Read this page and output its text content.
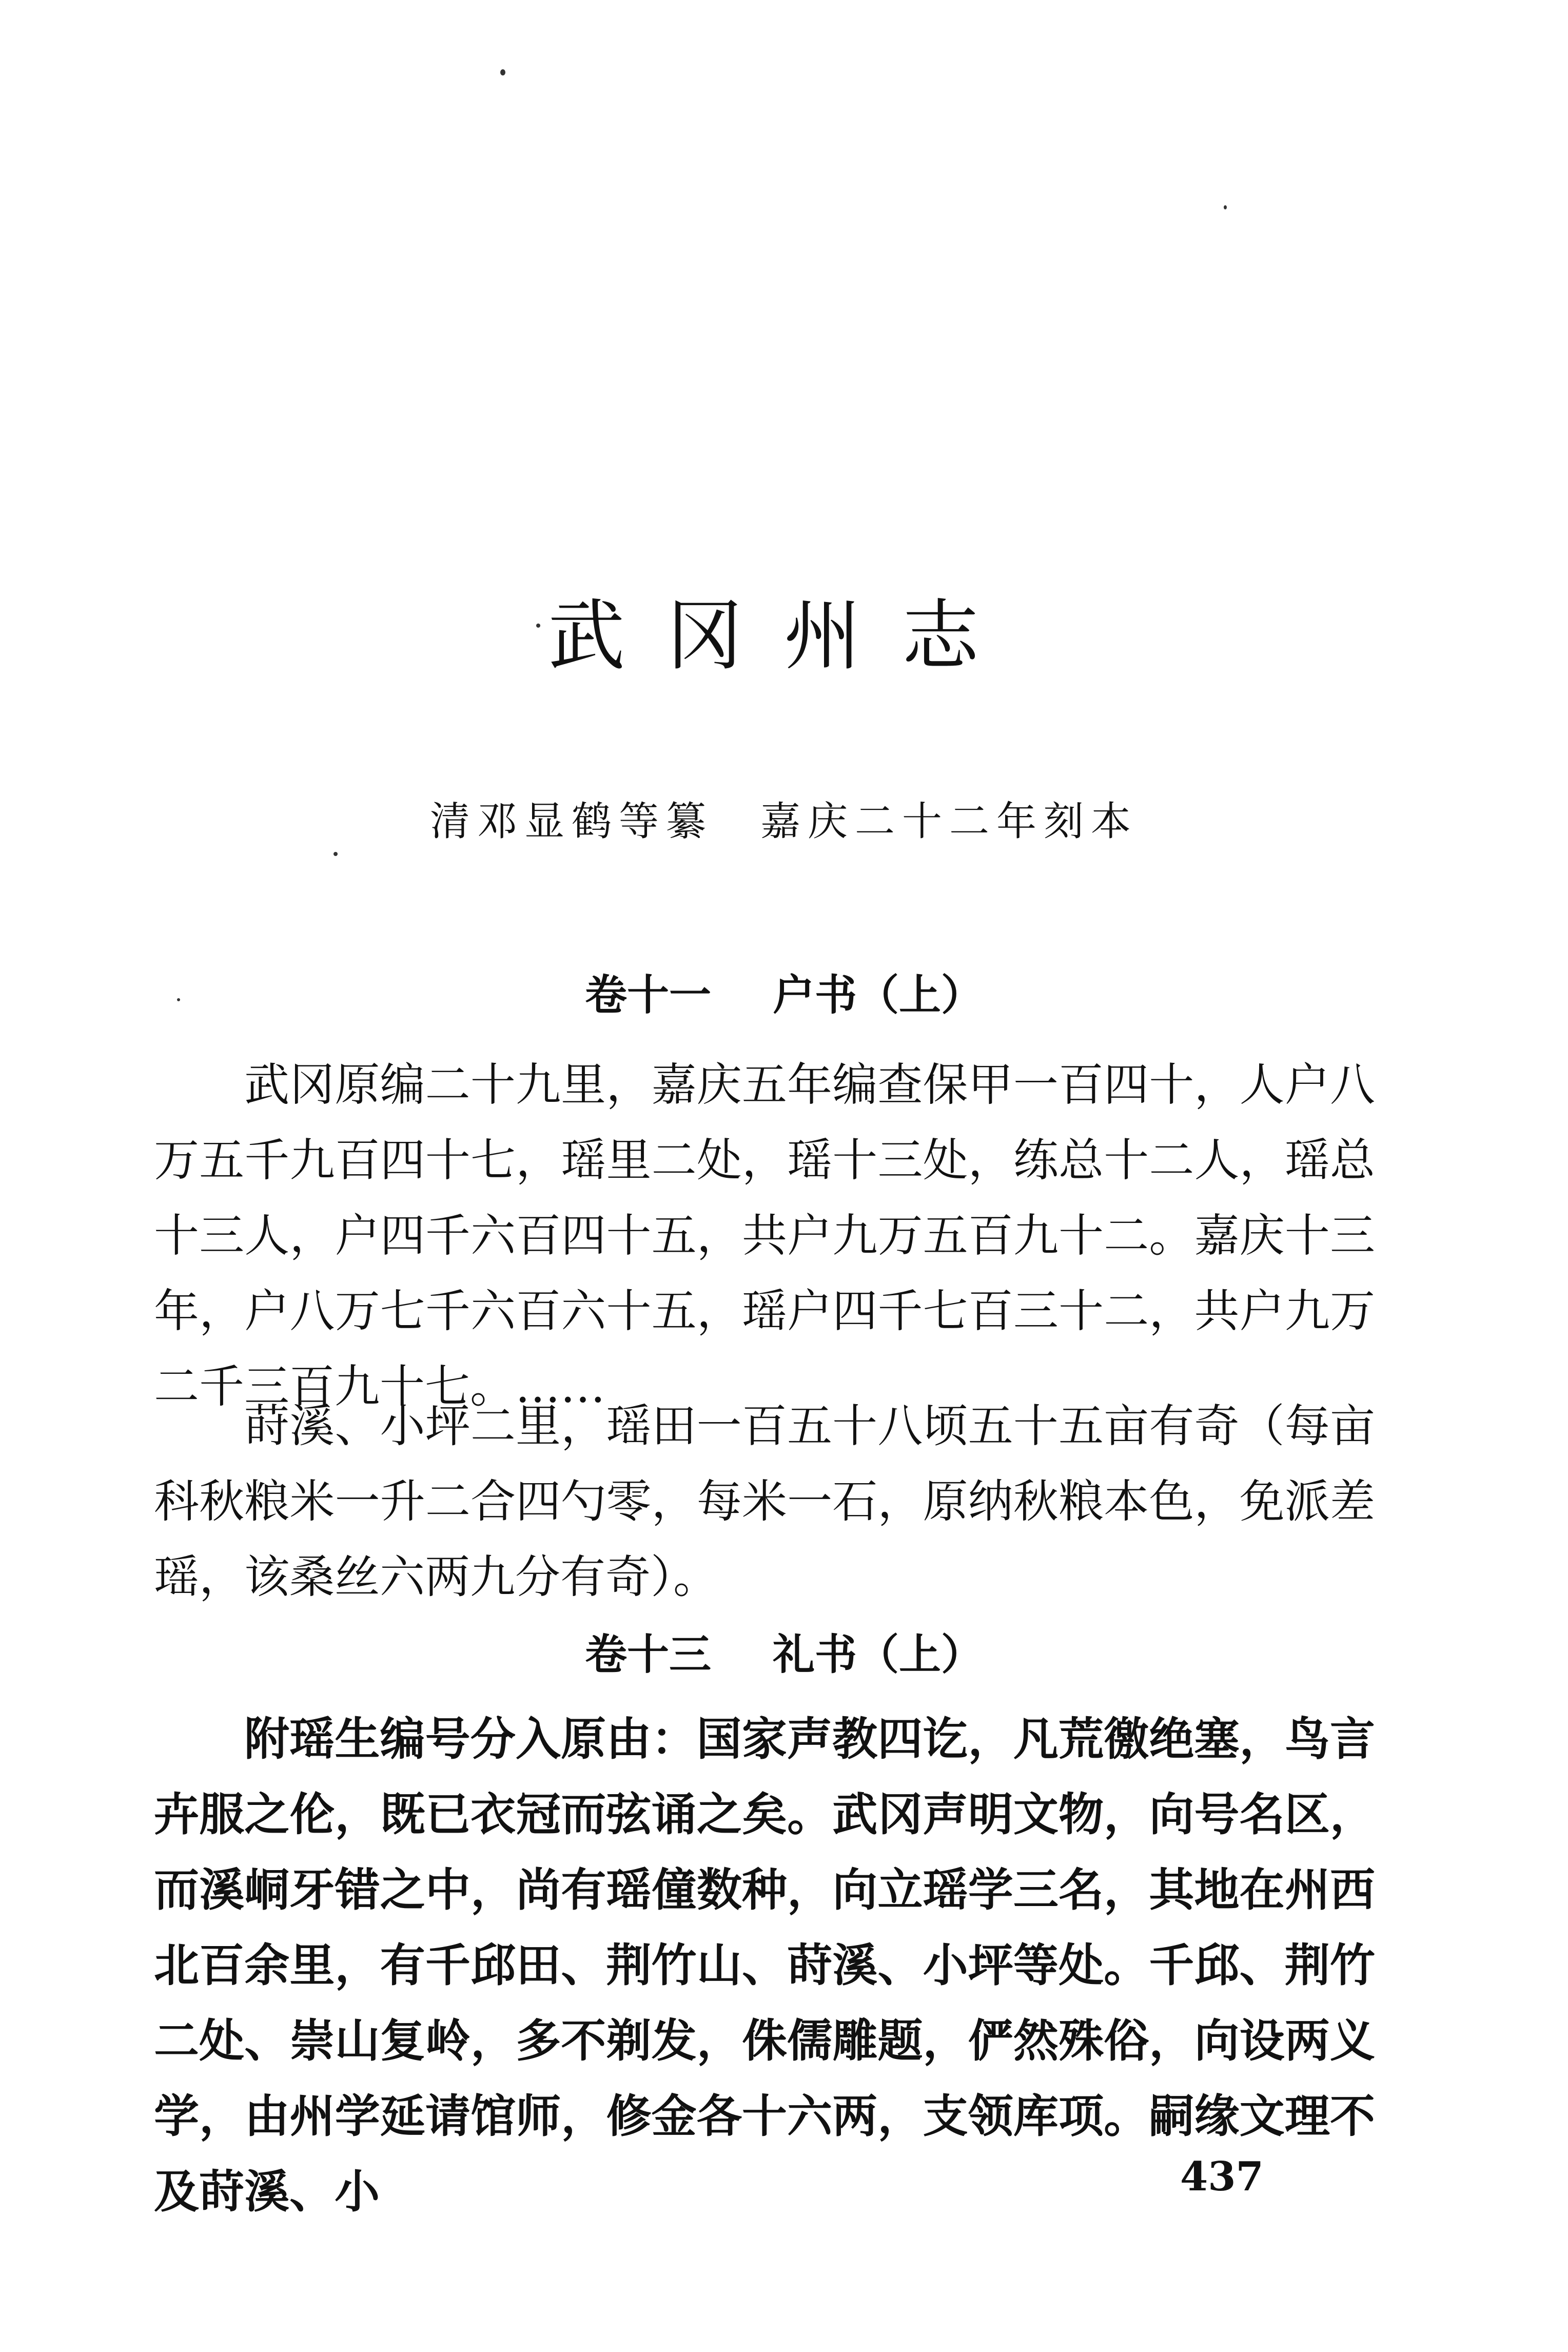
武冈州志
清邓显鹤等纂　嘉庆二十二年刻本
卷十一 户书（上）

武冈原编二十九里，嘉庆五年编查保甲一百四十，人户八万五千九百四十七，瑶里二处，瑶十三处，练总十二人，瑶总十三人，户四千六百四十五，共户九万五百九十二。嘉庆十三年，户八万七千六百六十五，瑶户四千七百三十二，共户九万二千三百九十七。……

莳溪、小坪二里，瑶田一百五十八顷五十五亩有奇（每亩科秋粮米一升二合四勺零，每米一石，原纳秋粮本色，免派差瑶，该桑丝六两九分有奇）。

卷十三 礼书（上）

附瑶生编号分入原由：国家声教四讫，凡荒徼绝塞，鸟言卉服之伦，既已衣冠而弦诵之矣。武冈声明文物，向号名区，而溪峒牙错之中，尚有瑶僮数种，向立瑶学三名，其地在州西北百余里，有千邱田、荆竹山、莳溪、小坪等处。千邱、荆竹二处、崇山复岭，多不剃发，侏儒雕题，俨然殊俗，向设两义学，由州学延请馆师，修金各十六两，支领库项。嗣缘文理不及莳溪、小	437
